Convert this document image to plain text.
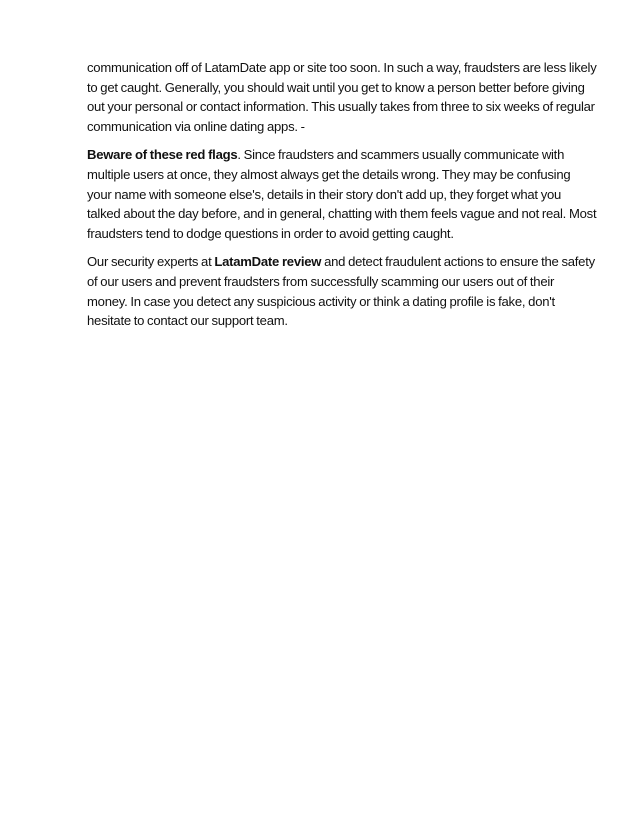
communication off of LatamDate app or site too soon. In such a way, fraudsters are less likely to get caught. Generally, you should wait until you get to know a person better before giving out your personal or contact information. This usually takes from three to six weeks of regular communication via online dating apps. -

Beware of these red flags. Since fraudsters and scammers usually communicate with multiple users at once, they almost always get the details wrong. They may be confusing your name with someone else's, details in their story don't add up, they forget what you talked about the day before, and in general, chatting with them feels vague and not real. Most fraudsters tend to dodge questions in order to avoid getting caught.

Our security experts at LatamDate review and detect fraudulent actions to ensure the safety of our users and prevent fraudsters from successfully scamming our users out of their money. In case you detect any suspicious activity or think a dating profile is fake, don't hesitate to contact our support team.
